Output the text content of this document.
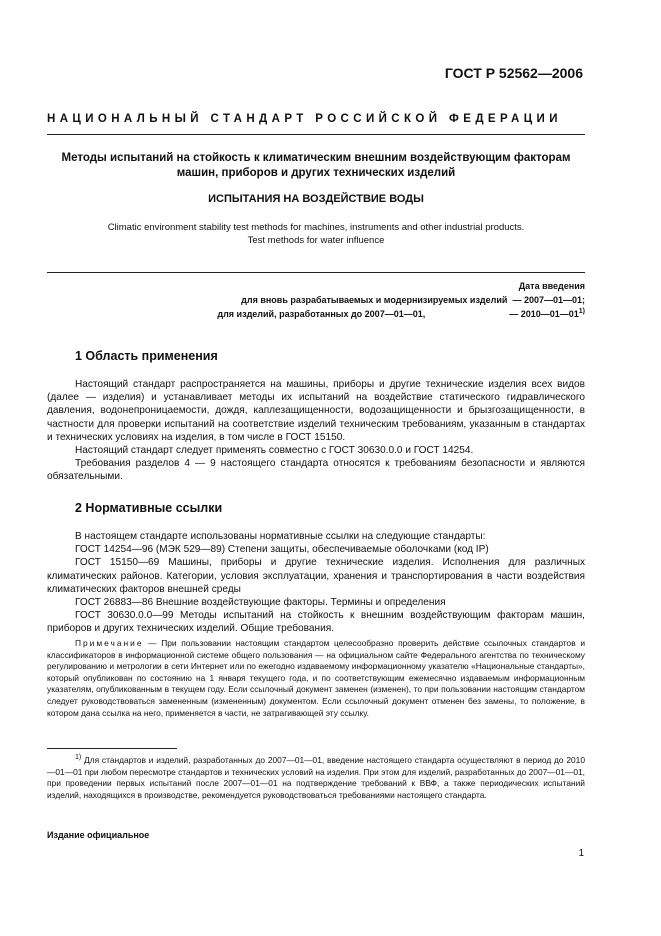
ГОСТ Р 52562—2006
НАЦИОНАЛЬНЫЙ СТАНДАРТ РОССИЙСКОЙ ФЕДЕРАЦИИ
Методы испытаний на стойкость к климатическим внешним воздействующим факторам
машин, приборов и других технических изделий
ИСПЫТАНИЯ НА ВОЗДЕЙСТВИЕ ВОДЫ
Climatic environment stability test methods for machines, instruments and other industrial products.
Test methods for water influence
Дата введения
для вновь разрабатываемых и модернизируемых изделий — 2007—01—01;
для изделий, разработанных до 2007—01—01,	— 2010—01—01$^{1)}$
1 Область применения

Настоящий стандарт распространяется на машины, приборы и другие технические изделия всех видов (далее — изделия) и устанавливает методы их испытаний на воздействие статического гидравлического давления, водонепроницаемости, дождя, каплезащищенности, водозащищенности и брызгозащищенности, в частности для проверки испытаний на соответствие изделий техническим требованиям, указанным в стандартах и технических условиях на изделия, в том числе в ГОСТ 15150.

Настоящий стандарт следует применять совместно с ГОСТ 30630.0.0 и ГОСТ 14254.

Требования разделов 4 — 9 настоящего стандарта относятся к требованиям безопасности и являются обязательными.

2 Нормативные ссылки

В настоящем стандарте использованы нормативные ссылки на следующие стандарты:

ГОСТ 14254—96 (МЭК 529—89) Степени защиты, обеспечиваемые оболочками (код IP)

ГОСТ 15150—69 Машины, приборы и другие технические изделия. Исполнения для различных климатических районов. Категории, условия эксплуатации, хранения и транспортирования в части воздействия климатических факторов внешней среды

ГОСТ 26883—86 Внешние воздействующие факторы. Термины и определения

ГОСТ 30630.0.0—99 Методы испытаний на стойкость к внешним воздействующим факторам машин, приборов и других технических изделий. Общие требования.

Примечание — При пользовании настоящим стандартом целесообразно проверить действие ссылочных стандартов и классификаторов в информационной системе общего пользования — на официальном сайте Федерального агентства по техническому регулированию и метрологии в сети Интернет или по ежегодно издаваемому информационному указателю «Национальные стандарты», который опубликован по состоянию на 1 января текущего года, и по соответствующим ежемесячно издаваемым информационным указателям, опубликованным в текущем году. Если ссылочный документ заменен (изменен), то при пользовании настоящим стандартом следует руководствоваться замененным (измененным) документом. Если ссылочный документ отменен без замены, то положение, в котором дана ссылка на него, применяется в части, не затрагивающей эту ссылку.

$^{1)}$ Для стандартов и изделий, разработанных до 2007—01—01, введение настоящего стандарта осуществляют в период до 2010—01—01 при любом пересмотре стандартов и технических условий на изделия. При этом для изделий, разработанных до 2007—01—01, при проведении первых испытаний после 2007—01—01 на подтверждение требований к ВВФ, а также периодических испытаний изделий, находящихся в производстве, рекомендуется руководствоваться требованиями настоящего стандарта.

Издание официальное
1
